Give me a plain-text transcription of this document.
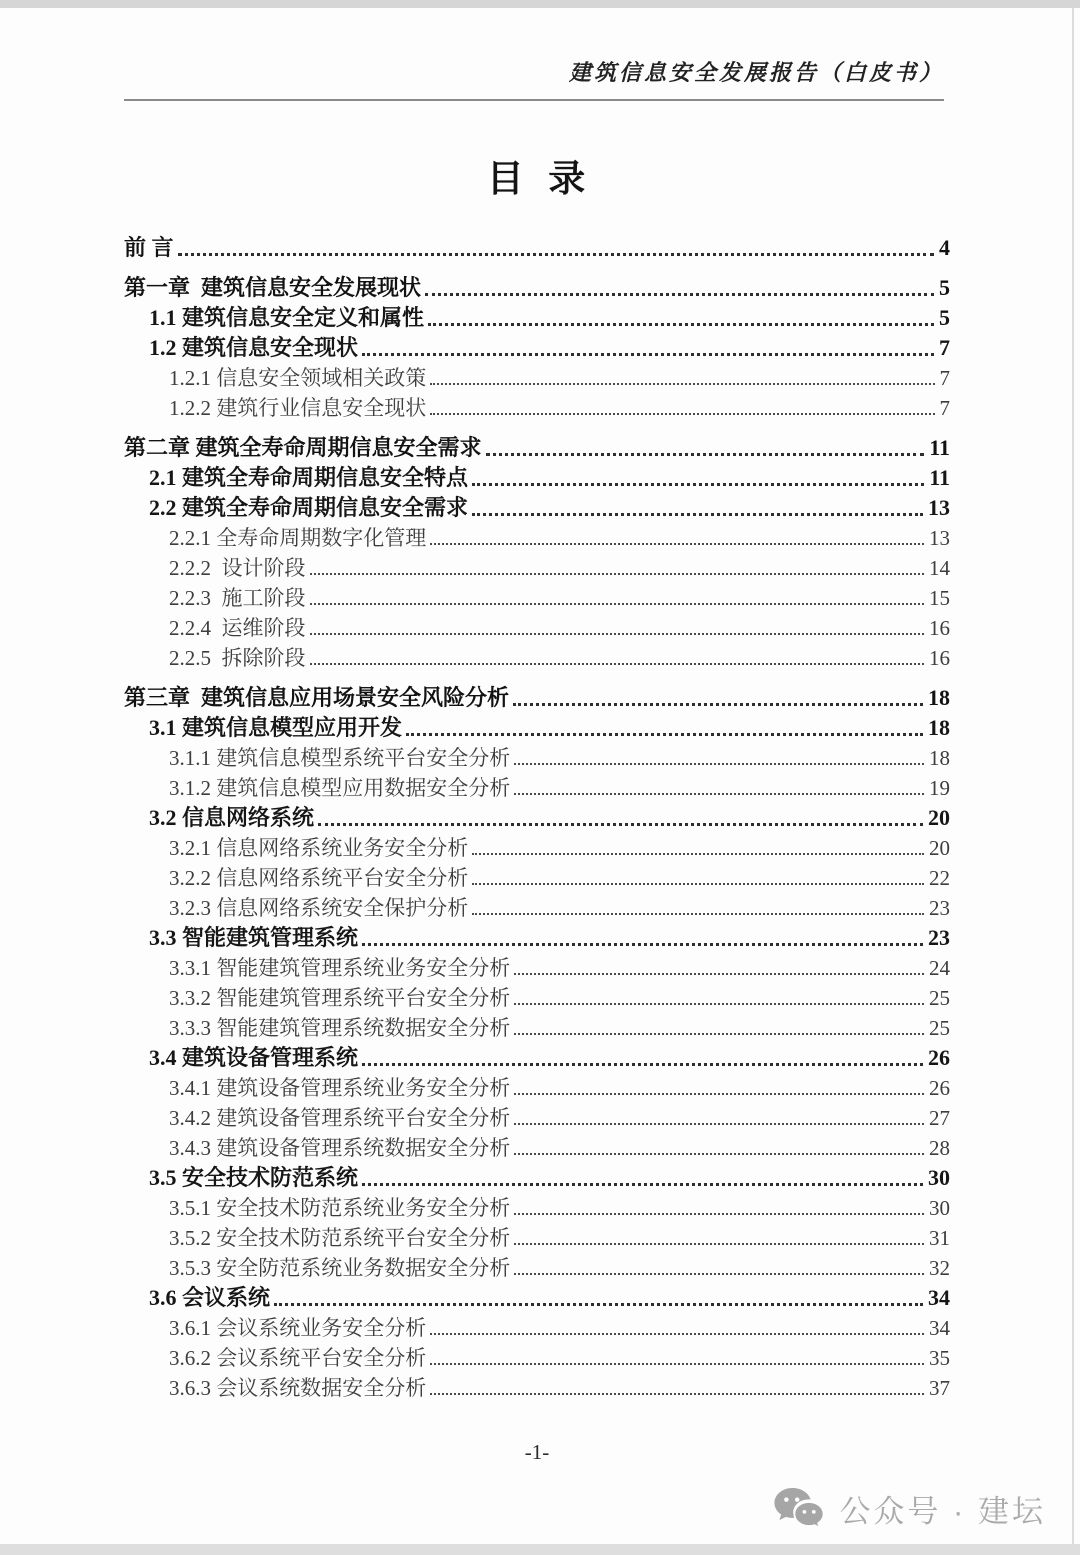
建筑信息安全发展报告（白皮书）
目  录
前 言	4
第一章  建筑信息安全发展现状	5
1.1 建筑信息安全定义和属性	5
1.2 建筑信息安全现状	7
1.2.1 信息安全领域相关政策	7
1.2.2 建筑行业信息安全现状	7
第二章 建筑全寿命周期信息安全需求	11
2.1 建筑全寿命周期信息安全特点	11
2.2 建筑全寿命周期信息安全需求	13
2.2.1 全寿命周期数字化管理	13
2.2.2  设计阶段	14
2.2.3  施工阶段	15
2.2.4  运维阶段	16
2.2.5  拆除阶段	16
第三章  建筑信息应用场景安全风险分析	18
3.1 建筑信息模型应用开发	18
3.1.1 建筑信息模型系统平台安全分析	18
3.1.2 建筑信息模型应用数据安全分析	19
3.2 信息网络系统	20
3.2.1 信息网络系统业务安全分析	20
3.2.2 信息网络系统平台安全分析	22
3.2.3 信息网络系统安全保护分析	23
3.3 智能建筑管理系统	23
3.3.1 智能建筑管理系统业务安全分析	24
3.3.2 智能建筑管理系统平台安全分析	25
3.3.3 智能建筑管理系统数据安全分析	25
3.4 建筑设备管理系统	26
3.4.1 建筑设备管理系统业务安全分析	26
3.4.2 建筑设备管理系统平台安全分析	27
3.4.3 建筑设备管理系统数据安全分析	28
3.5 安全技术防范系统	30
3.5.1 安全技术防范系统业务安全分析	30
3.5.2 安全技术防范系统平台安全分析	31
3.5.3 安全防范系统业务数据安全分析	32
3.6 会议系统	34
3.6.1 会议系统业务安全分析	34
3.6.2 会议系统平台安全分析	35
3.6.3 会议系统数据安全分析	37
-1-
公众号 · 建坛
